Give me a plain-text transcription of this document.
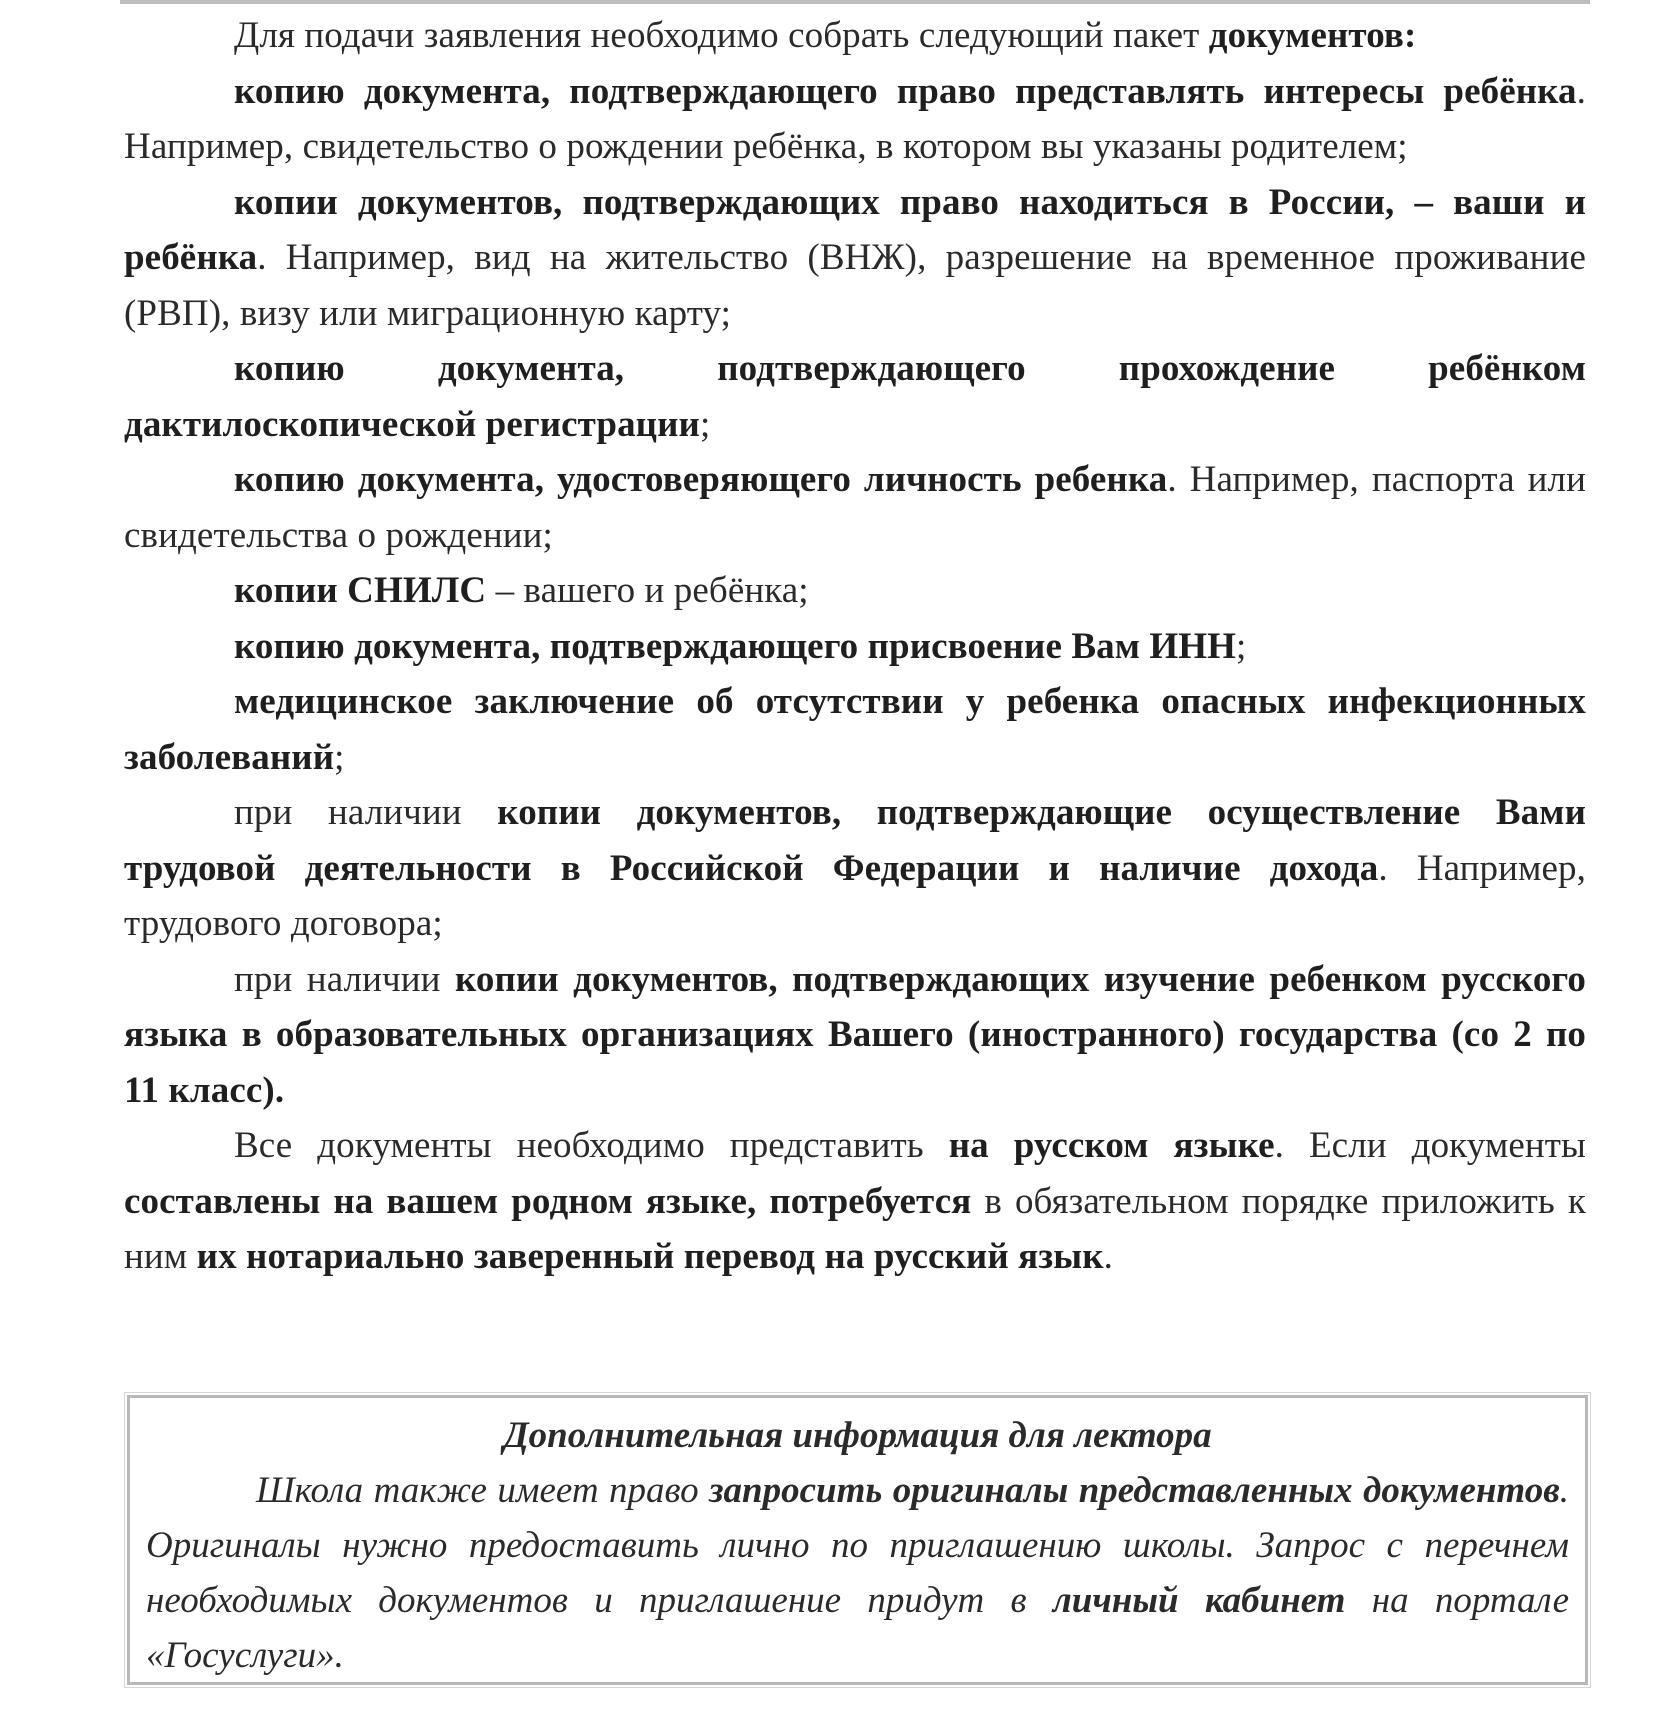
Для подачи заявления необходимо собрать следующий пакет документов:

копию документа, подтверждающего право представлять интересы ребёнка. Например, свидетельство о рождении ребёнка, в котором вы указаны родителем;

копии документов, подтверждающих право находиться в России, – ваши и ребёнка. Например, вид на жительство (ВНЖ), разрешение на временное проживание (РВП), визу или миграционную карту;

копию документа, подтверждающего прохождение ребёнком дактилоскопической регистрации;

копию документа, удостоверяющего личность ребенка. Например, паспорта или свидетельства о рождении;

копии СНИЛС – вашего и ребёнка;

копию документа, подтверждающего присвоение Вам ИНН;

медицинское заключение об отсутствии у ребенка опасных инфекционных заболеваний;

при наличии копии документов, подтверждающие осуществление Вами трудовой деятельности в Российской Федерации и наличие дохода. Например, трудового договора;

при наличии копии документов, подтверждающих изучение ребенком русского языка в образовательных организациях Вашего (иностранного) государства (со 2 по 11 класс).

Все документы необходимо представить на русском языке. Если документы составлены на вашем родном языке, потребуется в обязательном порядке приложить к ним их нотариально заверенный перевод на русский язык.

Дополнительная информация для лектора

Школа также имеет право запросить оригиналы представленных документов. Оригиналы нужно предоставить лично по приглашению школы. Запрос с перечнем необходимых документов и приглашение придут в личный кабинет на портале «Госуслуги».
